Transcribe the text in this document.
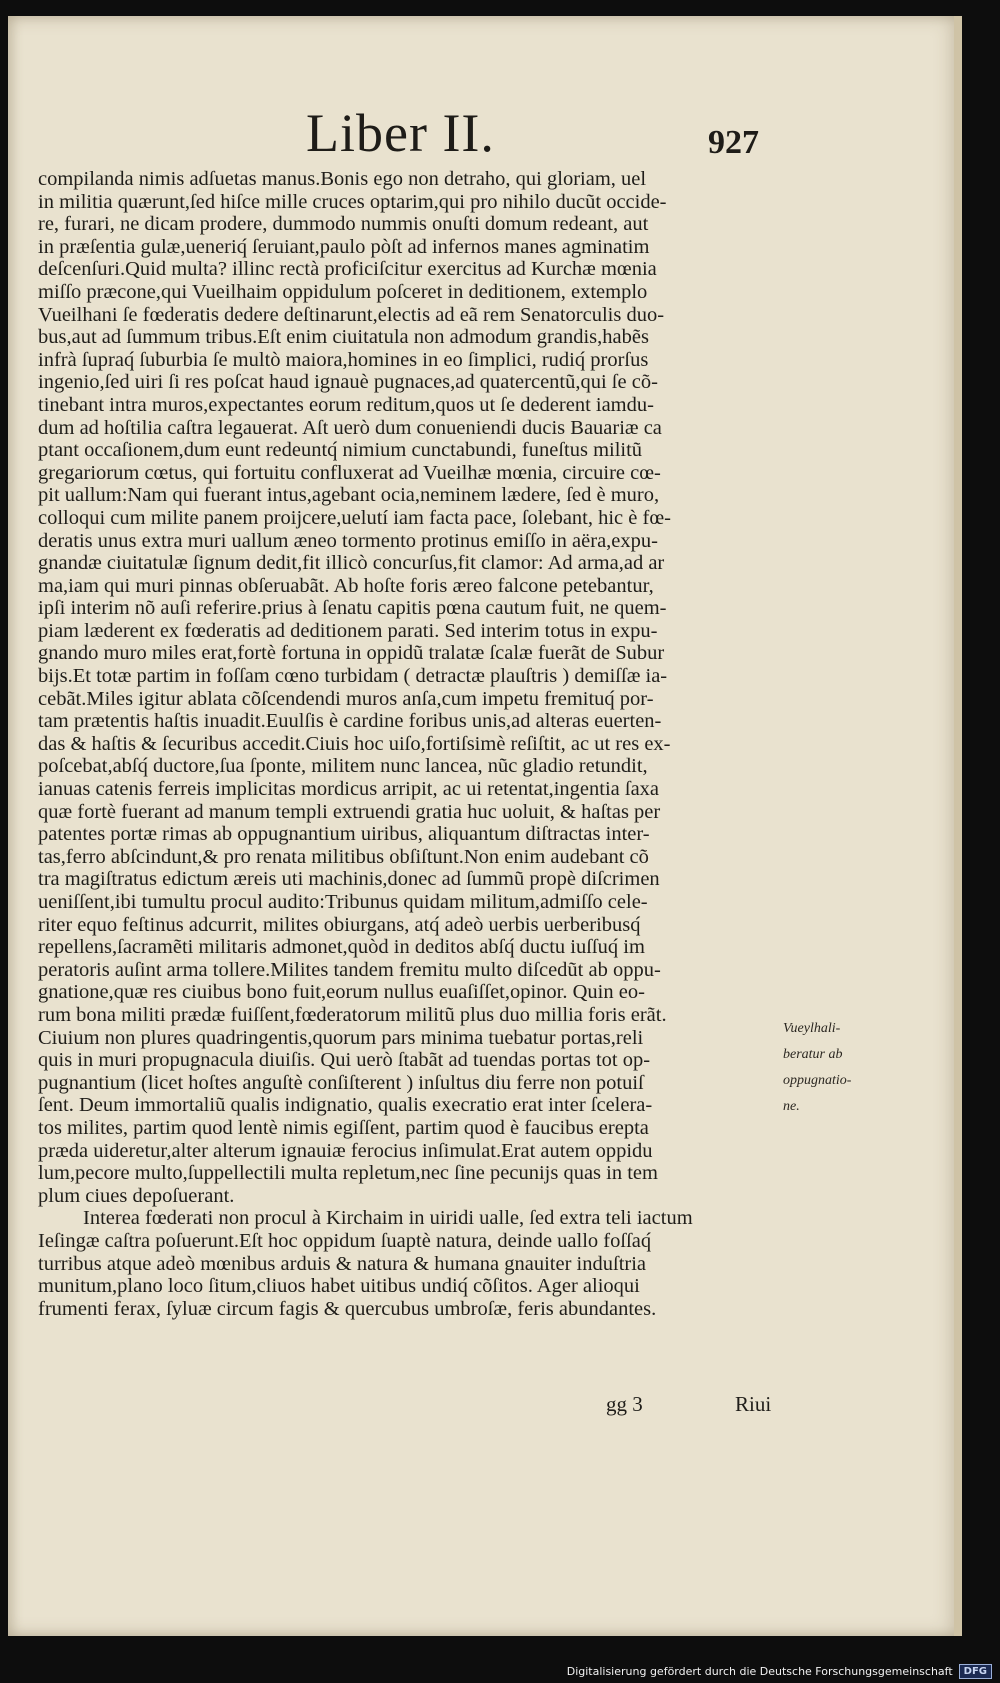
Liber II.	927
compilanda nimis adſuetas manus.Bonis ego non detraho, qui gloriam, uel
in militia quærunt,ſed hiſce mille cruces optarim,qui pro nihilo ducũt occide-
re, furari, ne dicam prodere, dummodo nummis onuſti domum redeant, aut
in præſentia gulæ,ueneriq́ ſeruiant,paulo pòſt ad infernos manes agminatim
deſcenſuri.Quid multa? illinc rectà proficiſcitur exercitus ad Kurchæ mœnia
miſſo præcone,qui Vueilhaim oppidulum poſceret in deditionem, extemplo
Vueilhani ſe fœderatis dedere deſtinarunt,electis ad eã rem Senatorculis duo-
bus,aut ad ſummum tribus.Eſt enim ciuitatula non admodum grandis,habẽs
infrà ſupraq́ ſuburbia ſe multò maiora,homines in eo ſimplici, rudiq́ prorſus
ingenio,ſed uiri ſi res poſcat haud ignauè pugnaces,ad quatercentũ,qui ſe cõ-
tinebant intra muros,expectantes eorum reditum,quos ut ſe dederent iamdu-
dum ad hoſtilia caſtra legauerat. Aſt uerò dum conueniendi ducis Bauariæ ca
ptant occaſionem,dum eunt redeuntq́ nimium cunctabundi, funeſtus militũ
gregariorum cœtus, qui fortuitu confluxerat ad Vueilhæ mœnia, circuire cœ-
pit uallum:Nam qui fuerant intus,agebant ocia,neminem lædere, ſed è muro,
colloqui cum milite panem proijcere,uelutí iam facta pace, ſolebant, hic è fœ-
deratis unus extra muri uallum æneo tormento protinus emiſſo in aëra,expu-
gnandæ ciuitatulæ ſignum dedit,fit illicò concurſus,fit clamor: Ad arma,ad ar
ma,iam qui muri pinnas obſeruabãt. Ab hoſte foris æreo falcone petebantur,
ipſi interim nõ auſi referire.prius à ſenatu capitis pœna cautum fuit, ne quem-
piam læderent ex fœderatis ad deditionem parati. Sed interim totus in expu-
gnando muro miles erat,fortè fortuna in oppidũ tralatæ ſcalæ fuerãt de Subur
bijs.Et totæ partim in foſſam cœno turbidam ( detractæ plauſtris ) demiſſæ ia-
cebãt.Miles igitur ablata cõſcendendi muros anſa,cum impetu fremituq́ por-
tam prætentis haſtis inuadit.Euulſis è cardine foribus unis,ad alteras euerten-
das & haſtis & ſecuribus accedit.Ciuis hoc uiſo,fortiſsimè reſiſtit, ac ut res ex-
poſcebat,abſq́ ductore,ſua ſponte, militem nunc lancea, nũc gladio retundit,
ianuas catenis ferreis implicitas mordicus arripit, ac ui retentat,ingentia ſaxa
quæ fortè fuerant ad manum templi extruendi gratia huc uoluit, & haſtas per
patentes portæ rimas ab oppugnantium uiribus, aliquantum diſtractas inter-
tas,ferro abſcindunt,& pro renata militibus obſiſtunt.Non enim audebant cõ
tra magiſtratus edictum æreis uti machinis,donec ad ſummũ propè diſcrimen
ueniſſent,ibi tumultu procul audito:Tribunus quidam militum,admiſſo cele-
riter equo feſtinus adcurrit, milites obiurgans, atq́ adeò uerbis uerberibusq́
repellens,ſacramẽti militaris admonet,quòd in deditos abſq́ ductu iuſſuq́ im
peratoris auſint arma tollere.Milites tandem fremitu multo diſcedũt ab oppu-
gnatione,quæ res ciuibus bono fuit,eorum nullus euaſiſſet,opinor. Quin eo-
rum bona militi prædæ fuiſſent,fœderatorum militũ plus duo millia foris erãt.
Ciuium non plures quadringentis,quorum pars minima tuebatur portas,reli
quis in muri propugnacula diuiſis. Qui uerò ſtabãt ad tuendas portas tot op-
pugnantium (licet hoſtes anguſtè conſiſterent ) inſultus diu ferre non potuiſ
ſent. Deum immortaliũ qualis indignatio, qualis execratio erat inter ſcelera-
tos milites, partim quod lentè nimis egiſſent, partim quod è faucibus erepta
præda uideretur,alter alterum ignauiæ ferocius inſimulat.Erat autem oppidu
lum,pecore multo,ſuppellectili multa repletum,nec ſine pecunijs quas in tem
plum ciues depoſuerant.
Interea fœderati non procul à Kirchaim in uiridi ualle, ſed extra teli iactum
Ieſingæ caſtra poſuerunt.Eſt hoc oppidum ſuaptè natura, deinde uallo foſſaq́
turribus atque adeò mœnibus arduis & natura & humana gnauiter induſtria
munitum,plano loco ſitum,cliuos habet uitibus undiq́ cõſitos. Ager alioqui
frumenti ferax, ſyluæ circum fagis & quercubus umbroſæ, feris abundantes.
Vueylhali-
beratur ab
oppugnatio-
ne.
gg 3	Riui
Digitalisierung gefördert durch die Deutsche Forschungsgemeinschaft	DFG
